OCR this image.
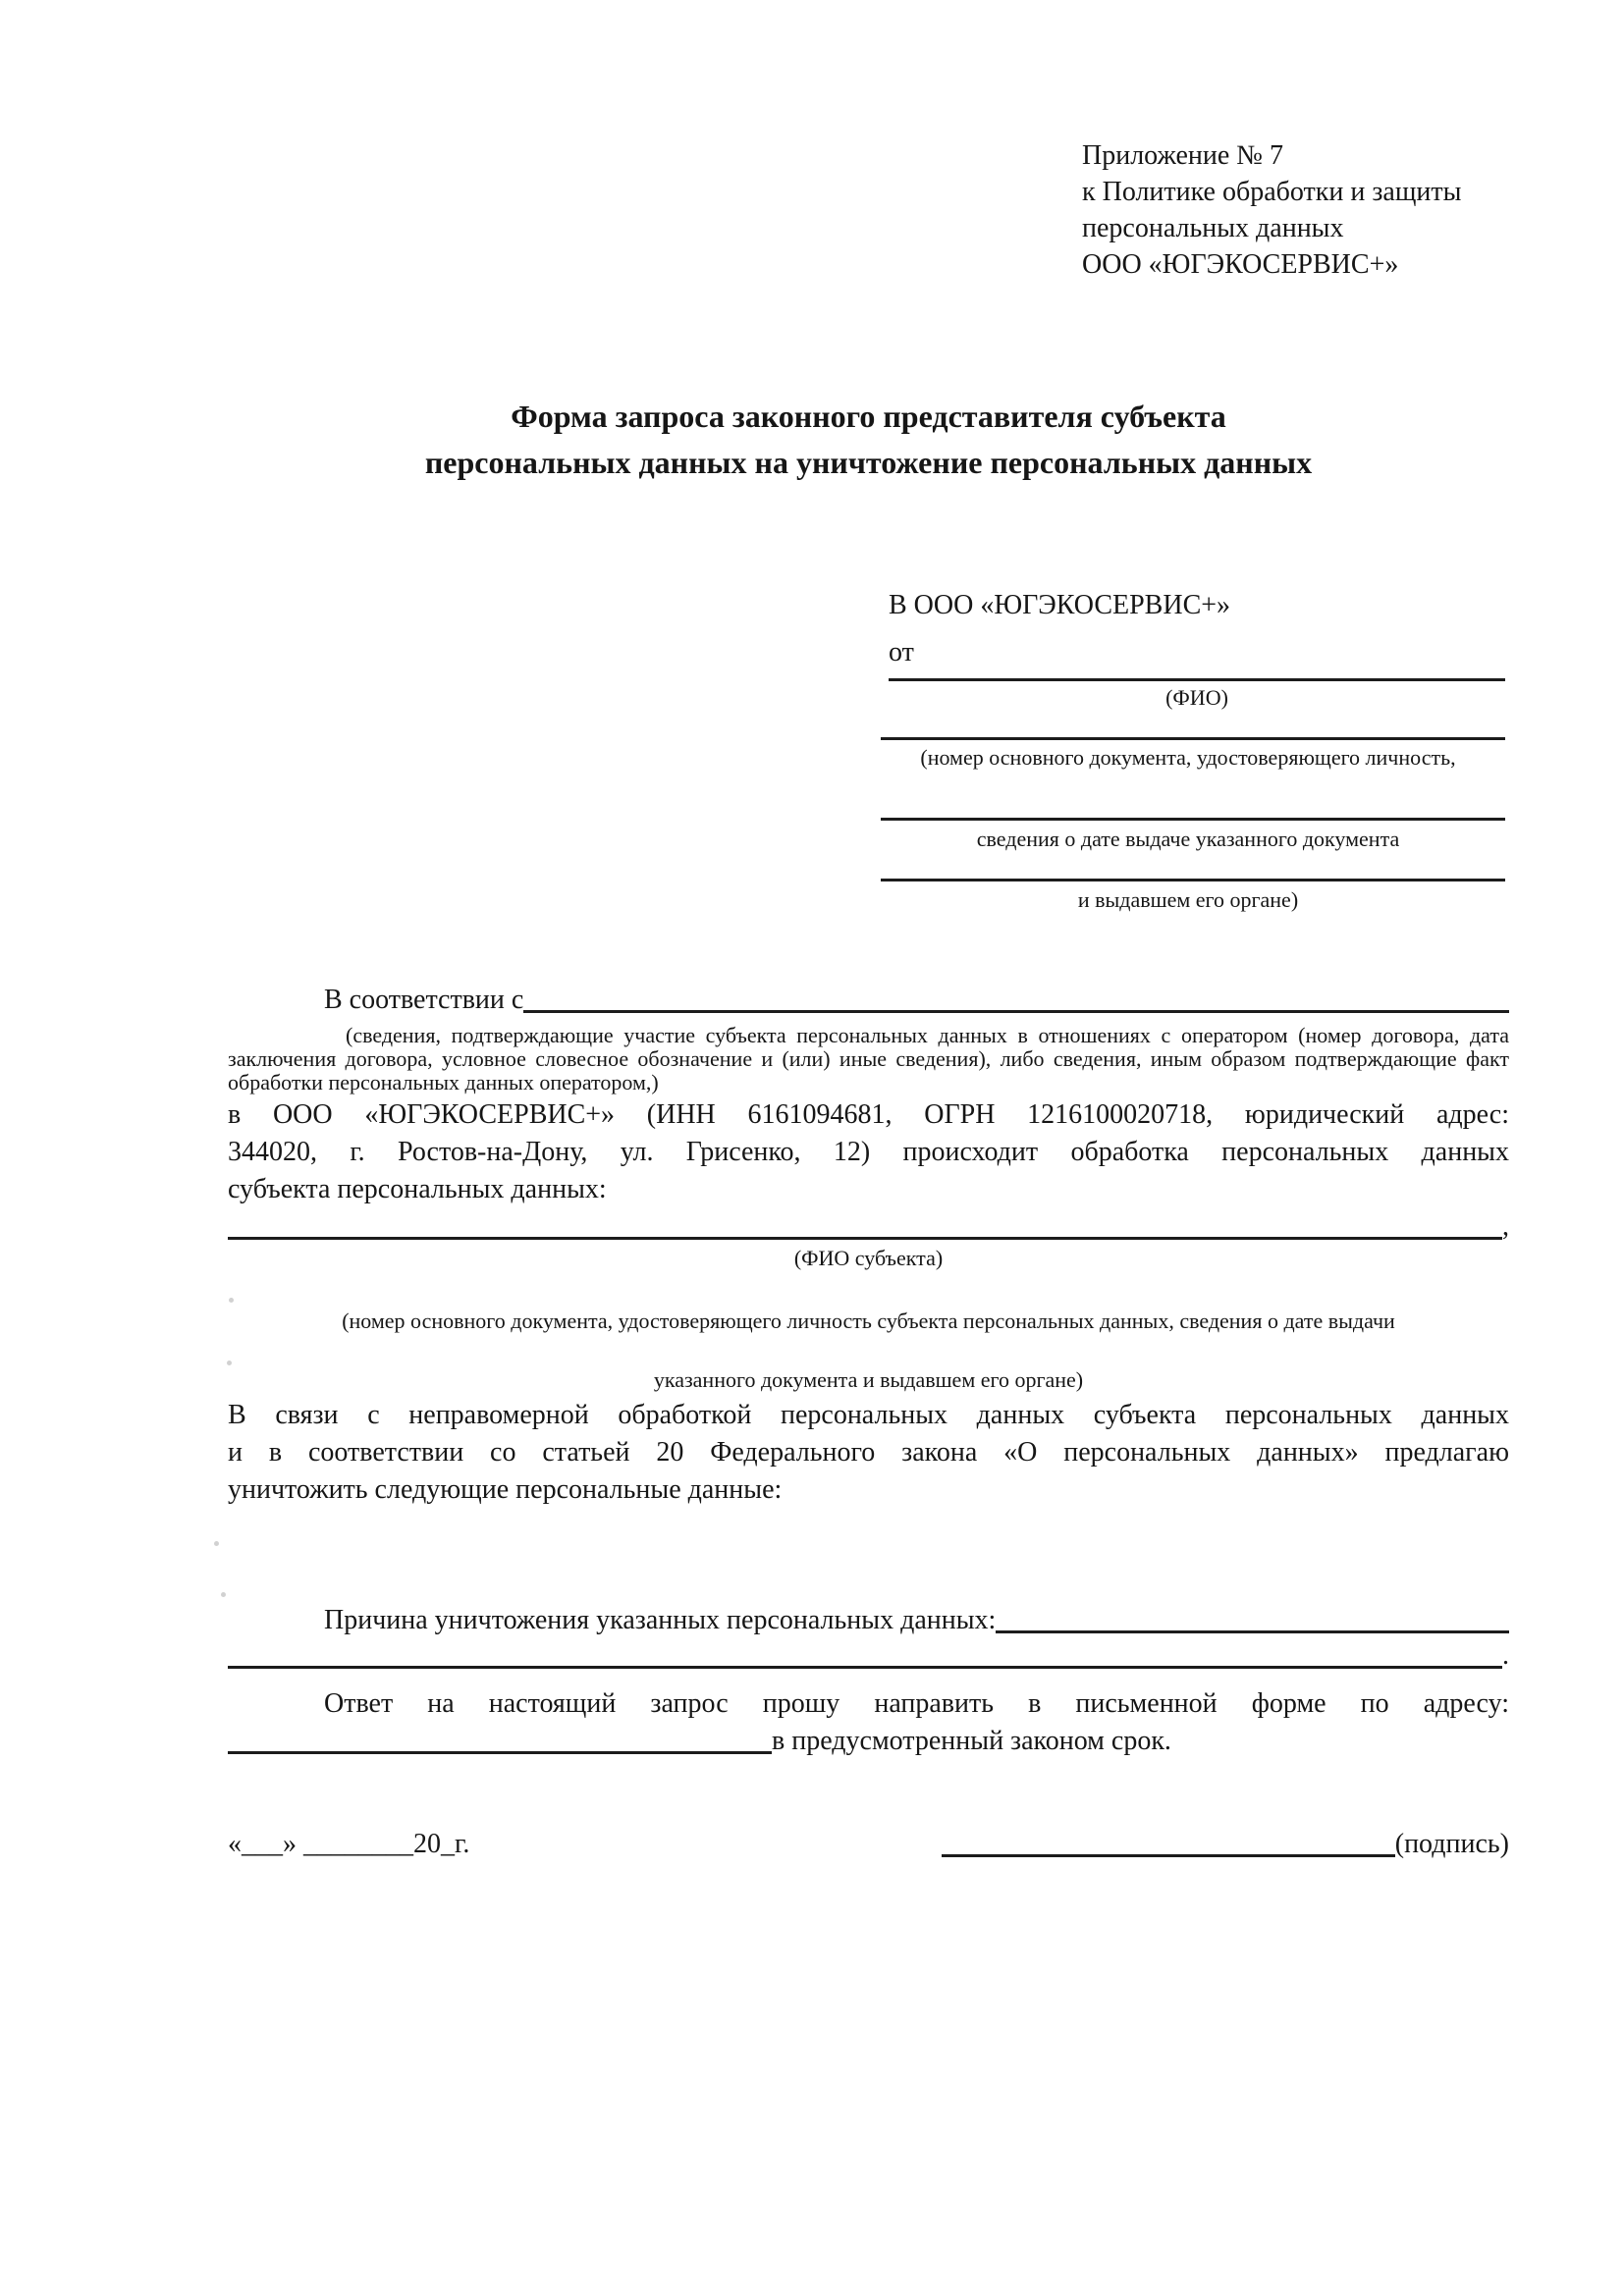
Приложение № 7
к Политике обработки и защиты
персональных данных
ООО «ЮГЭКОСЕРВИС+»
Форма запроса законного представителя субъекта
персональных данных на уничтожение персональных данных
В ООО «ЮГЭКОСЕРВИС+»
от
(ФИО)
(номер основного документа, удостоверяющего личность,
сведения о дате выдаче указанного документа
и выдавшем его органе)
В соответствии с
(сведения, подтверждающие участие субъекта персональных данных в отношениях с оператором (номер договора, дата
заключения договора, условное словесное обозначение и (или) иные сведения), либо сведения, иным образом подтверждающие факт
обработки персональных данных оператором,)
в ООО «ЮГЭКОСЕРВИС+» (ИНН 6161094681, ОГРН 1216100020718, юридический адрес:
344020, г. Ростов-на-Дону, ул. Грисенко, 12) происходит обработка персональных данных
субъекта персональных данных:
,
(ФИО субъекта)
(номер основного документа, удостоверяющего личность субъекта персональных данных, сведения о дате выдачи
указанного документа и выдавшем его органе)
В связи с неправомерной обработкой персональных данных субъекта персональных данных
и в соответствии со статьей 20 Федерального закона «О персональных данных» предлагаю
уничтожить следующие персональные данные:
Причина уничтожения указанных персональных данных:
.
Ответ на настоящий запрос прошу направить в письменной форме по адресу:
в предусмотренный законом срок.
«___» ________20_г.	(подпись)
